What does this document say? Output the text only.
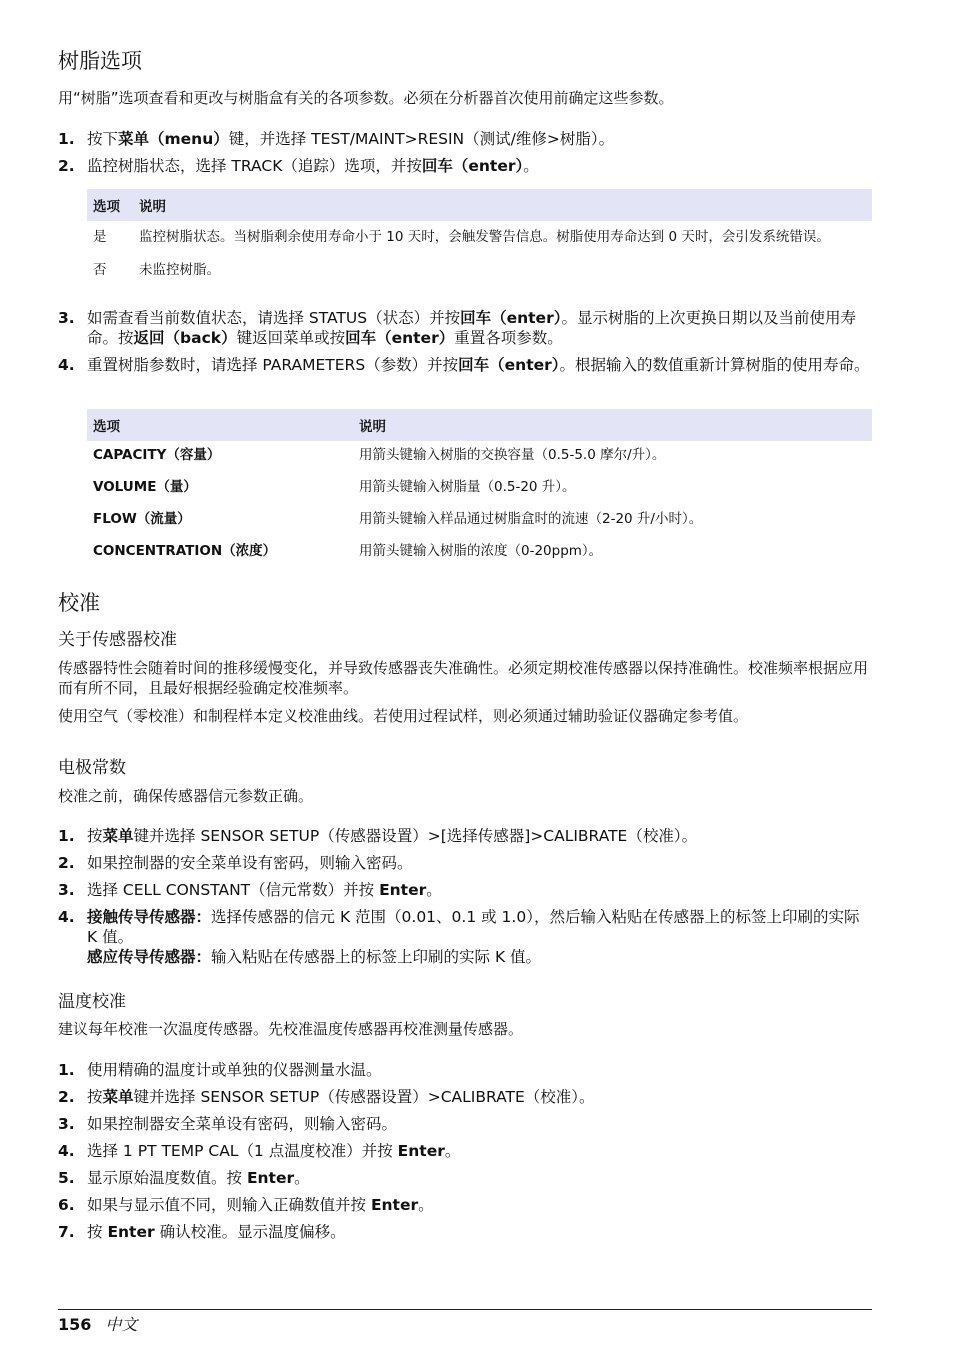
树脂选项
用“树脂”选项查看和更改与树脂盒有关的各项参数。必须在分析器首次使用前确定这些参数。
1. 按下菜单（menu）键，并选择 TEST/MAINT>RESIN（测试/维修>树脂）。
2. 监控树脂状态，选择 TRACK（追踪）选项，并按回车（enter）。
选项	说明
是	监控树脂状态。当树脂剩余使用寿命小于 10 天时，会触发警告信息。树脂使用寿命达到 0 天时，会引发系统错误。
否	未监控树脂。
3. 如需查看当前数值状态，请选择 STATUS（状态）并按回车（enter）。显示树脂的上次更换日期以及当前使用寿命。按返回（back）键返回菜单或按回车（enter）重置各项参数。
4. 重置树脂参数时，请选择 PARAMETERS（参数）并按回车（enter）。根据输入的数值重新计算树脂的使用寿命。
选项	说明
CAPACITY（容量）	用箭头键输入树脂的交换容量（0.5-5.0 摩尔/升）。
VOLUME（量）	用箭头键输入树脂量（0.5-20 升）。
FLOW（流量）	用箭头键输入样品通过树脂盒时的流速（2-20 升/小时）。
CONCENTRATION（浓度）	用箭头键输入树脂的浓度（0-20ppm）。
校准
关于传感器校准
传感器特性会随着时间的推移缓慢变化，并导致传感器丧失准确性。必须定期校准传感器以保持准确性。校准频率根据应用而有所不同，且最好根据经验确定校准频率。
使用空气（零校准）和制程样本定义校准曲线。若使用过程试样，则必须通过辅助验证仪器确定参考值。
电极常数
校准之前，确保传感器信元参数正确。
1. 按菜单键并选择 SENSOR SETUP（传感器设置）>[选择传感器]>CALIBRATE（校准）。
2. 如果控制器的安全菜单设有密码，则输入密码。
3. 选择 CELL CONSTANT（信元常数）并按 Enter。
4. 接触传导传感器：选择传感器的信元 K 范围（0.01、0.1 或 1.0），然后输入粘贴在传感器上的标签上印刷的实际 K 值。
感应传导传感器：输入粘贴在传感器上的标签上印刷的实际 K 值。
温度校准
建议每年校准一次温度传感器。先校准温度传感器再校准测量传感器。
1. 使用精确的温度计或单独的仪器测量水温。
2. 按菜单键并选择 SENSOR SETUP（传感器设置）>CALIBRATE（校准）。
3. 如果控制器安全菜单设有密码，则输入密码。
4. 选择 1 PT TEMP CAL（1 点温度校准）并按 Enter。
5. 显示原始温度数值。按 Enter。
6. 如果与显示值不同，则输入正确数值并按 Enter。
7. 按 Enter 确认校准。显示温度偏移。
156 中文
